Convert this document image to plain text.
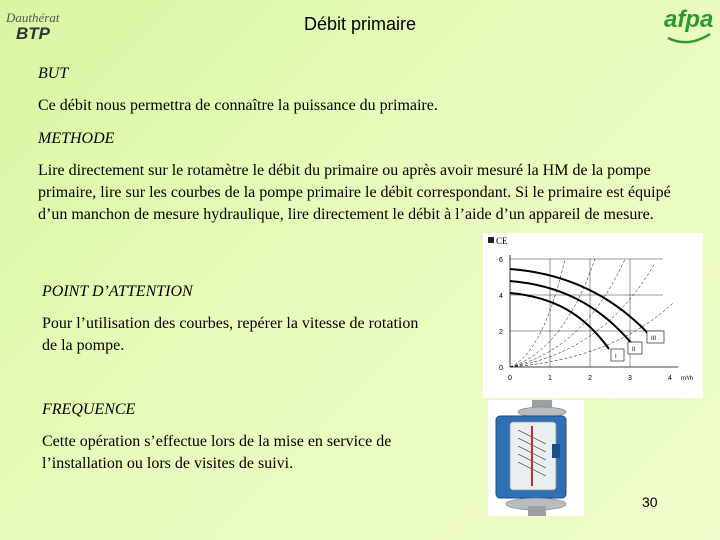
Dauthérat
BTP	Débit primaire	afpa
BUT
Ce débit nous permettra de connaître la puissance du primaire.
METHODE
Lire directement sur le rotamètre le débit du primaire ou après avoir mesuré la HM de la pompe primaire, lire sur les courbes de la pompe primaire le débit correspondant. Si le primaire est équipé d’un manchon de mesure hydraulique, lire directement le débit à l’aide d’un appareil de mesure.
POINT D’ATTENTION
Pour l’utilisation des courbes, repérer la vitesse de rotation de la pompe.
FREQUENCE
Cette opération s’effectue lors de la mise en service de l’installation ou lors de visites de suivi.
CE
6
4
2
0
III
II
I
0	1	2	3	4 m³/h
30
